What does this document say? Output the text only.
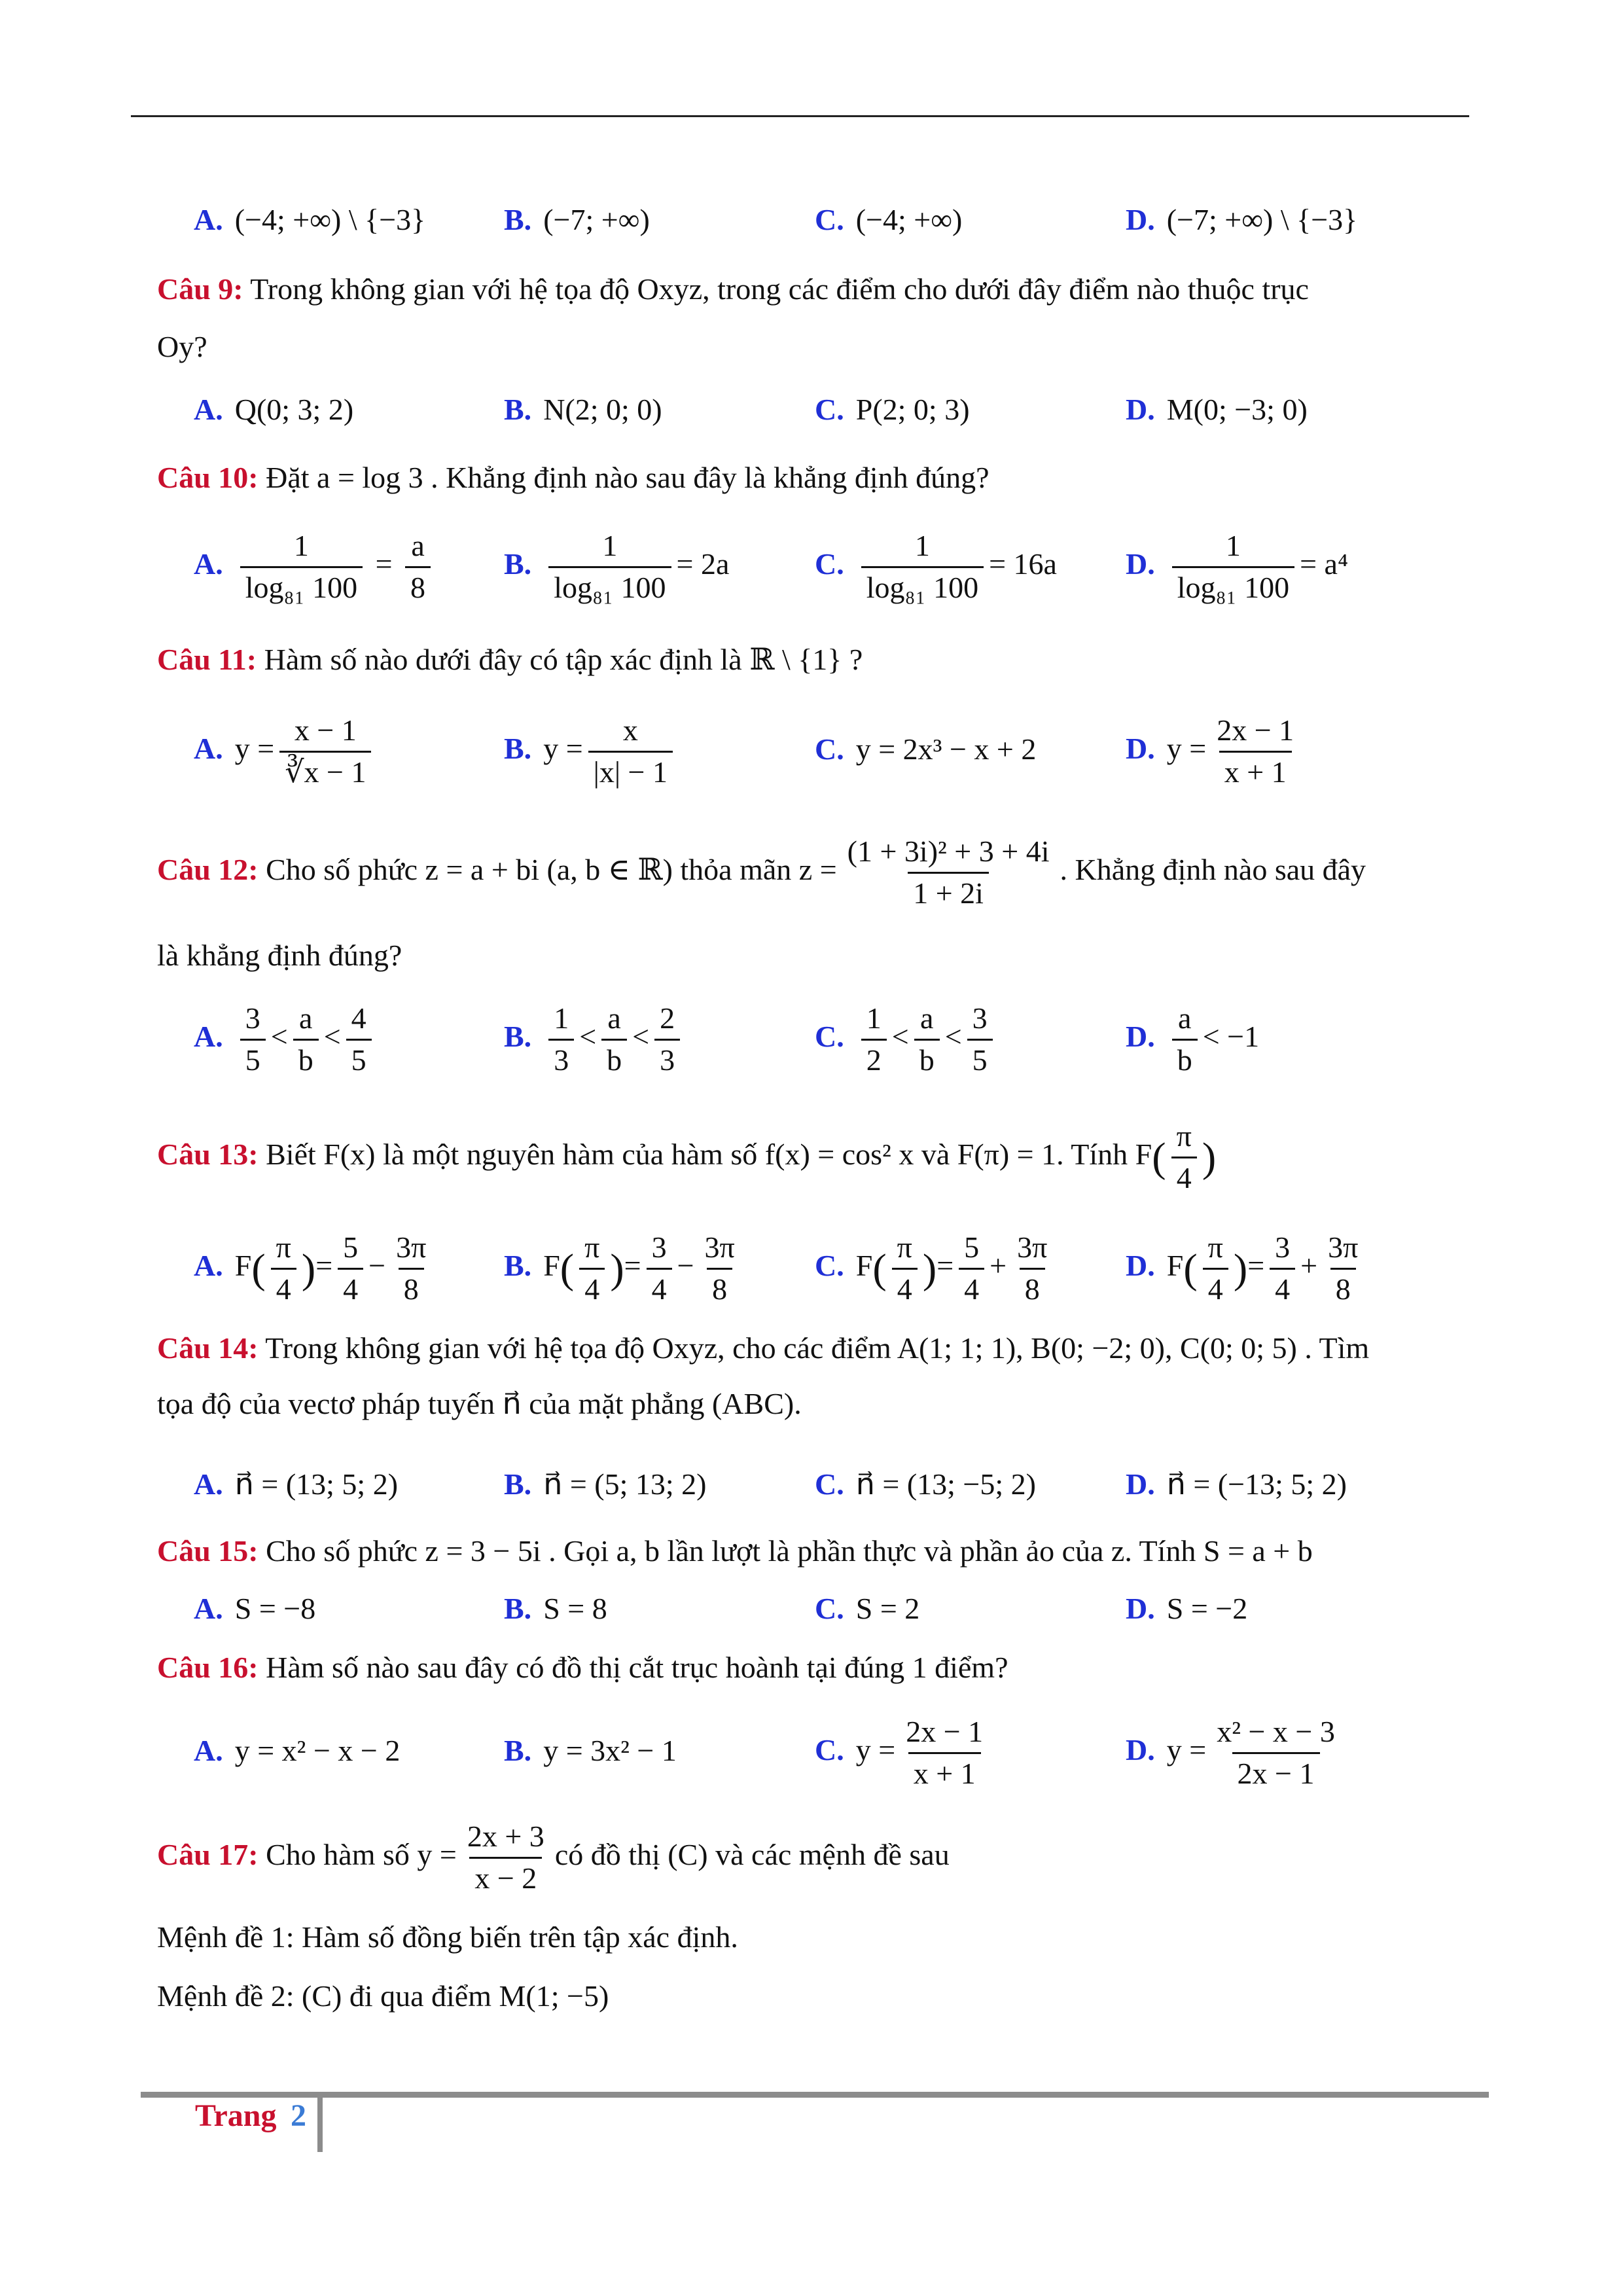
A. (−4; +∞) \ {−3}	B. (−7; +∞)	C. (−4; +∞)	D. (−7; +∞) \ {−3}
Câu 9: Trong không gian với hệ tọa độ Oxyz, trong các điểm cho dưới đây điểm nào thuộc trục
Oy?
A. Q(0; 3; 2)	B. N(2; 0; 0)	C. P(2; 0; 3)	D. M(0; −3; 0)
Câu 10: Đặt a = log 3 . Khẳng định nào sau đây là khẳng định đúng?
A. $\frac{1}{\text{log₈₁ 100}} = \frac{a}{8} B$. $\frac{1}{\text{log₈₁ 100}} = 2a$	C. $\frac{1}{\text{log₈₁ 100}} = 16a$ D. $\frac{1}{\text{log₈₁ 100}} = a^4$
Câu 11: Hàm số nào dưới đây có tập xác định là ℝ \ {1} ?
A. $y = \frac{x - 1}{∛x - 1}$	B. $y = \frac{x}{|x| - 1}$	C. y = 2x³ − x + 2	D. $y = \frac{2x - 1}{x + 1}$
Câu 12: Cho số phức z = a + bi (a, b ∈ ℝ) thỏa mãn $z = \frac{\text{(1 + 3i)² + 3 + 4i}}{1 + 2i}$ . Khẳng định nào sau đây
là khẳng định đúng?
A. $\frac{3}{5} < \frac{a}{b} < \frac{4}{5}$	B. $\frac{1}{3} < \frac{a}{b} < \frac{2}{3}$	C. $\frac{1}{2} < \frac{a}{b} < \frac{3}{5}$	D. $\frac{a}{b} < -1$
Câu 13: Biết F(x) là một nguyên hàm của hàm số f(x) = cos² x và F(π) = 1. Tính $F( \frac{\pi}{4}$ )
A. $F( \frac{\pi}{4}$ )= $\frac{5}{4} - \frac{3\pi}{8} B$. $F( \frac{\pi}{4}$ )= $\frac{3}{4} - \frac{3\pi}{8} C$. $F( \frac{\pi}{4}$ )= $\frac{5}{4} + \frac{3\pi}{8} D$. $F( \frac{\pi}{4}$ )= $\frac{3}{4} + \frac{3\pi}{8}$
Câu 14: Trong không gian với hệ tọa độ Oxyz, cho các điểm A(1; 1; 1), B(0; −2; 0), C(0; 0; 5) . Tìm
tọa độ của vectơ pháp tuyến n⃗ của mặt phẳng (ABC).
A. n⃗ = (13; 5; 2)	B. n⃗ = (5; 13; 2)	C. n⃗ = (13; −5; 2)	D. n⃗ = (−13; 5; 2)
Câu 15: Cho số phức z = 3 − 5i . Gọi a, b lần lượt là phần thực và phần ảo của z. Tính S = a + b
A. S = −8	B. S = 8	C. S = 2	D. S = −2
Câu 16: Hàm số nào sau đây có đồ thị cắt trục hoành tại đúng 1 điểm?
A. y = x² − x − 2	B. y = 3x² − 1	C. $y = \frac{2x - 1}{x + 1}$	D. $y = \frac{\text{x² − x − 3}}{2x - 1}$
Câu 17: Cho hàm số $y = \frac{2x + 3}{x - 2}$ có đồ thị (C) và các mệnh đề sau
Mệnh đề 1: Hàm số đồng biến trên tập xác định.
Mệnh đề 2: (C) đi qua điểm M(1; −5)
Trang 2
